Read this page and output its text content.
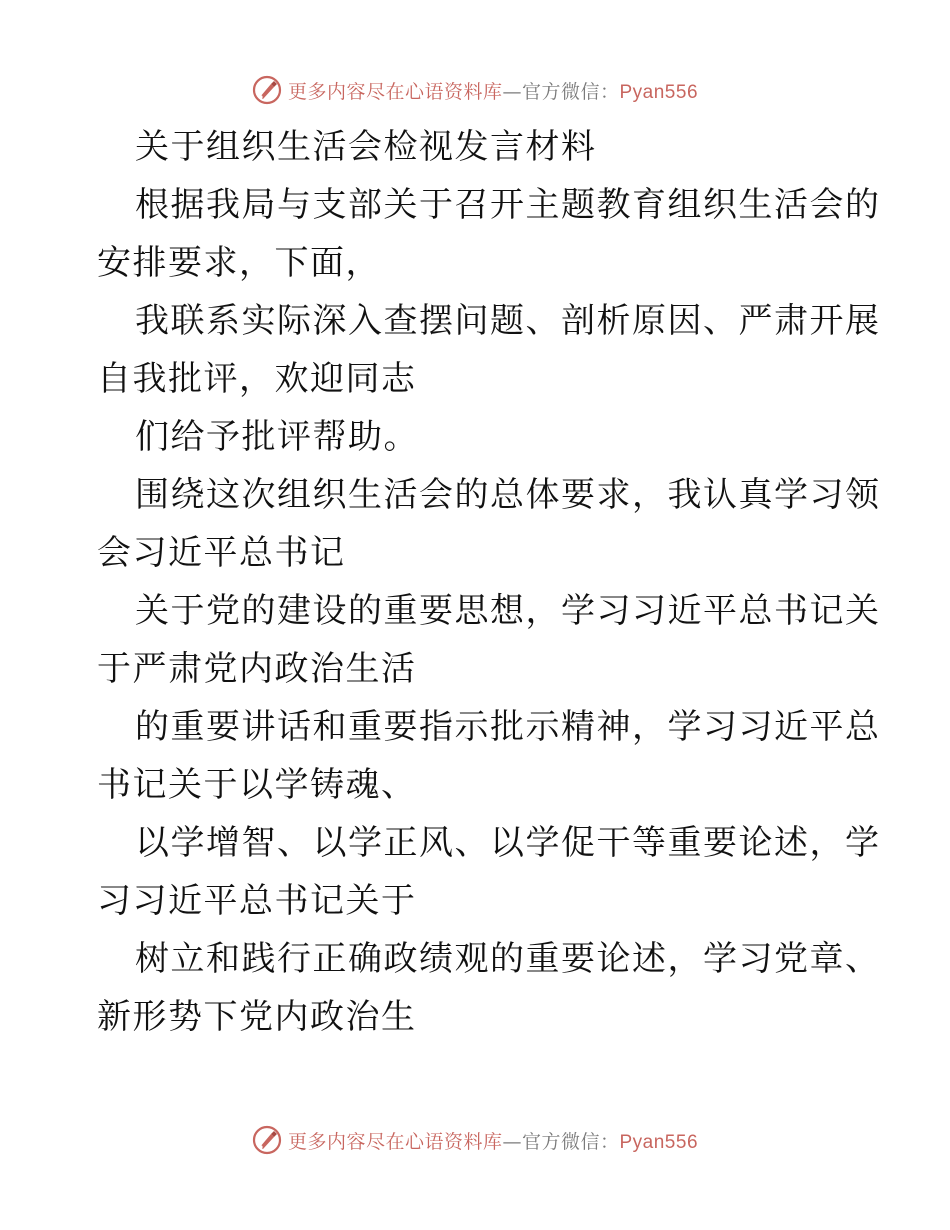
更多内容尽在心语资料库—官方微信：Pyan556
关于组织生活会检视发言材料
根据我局与支部关于召开主题教育组织生活会的
安排要求，下面，
我联系实际深入查摆问题、剖析原因、严肃开展
自我批评，欢迎同志
们给予批评帮助。
围绕这次组织生活会的总体要求，我认真学习领
会习近平总书记
关于党的建设的重要思想，学习习近平总书记关
于严肃党内政治生活
的重要讲话和重要指示批示精神，学习习近平总
书记关于以学铸魂、
以学增智、以学正风、以学促干等重要论述，学
习习近平总书记关于
树立和践行正确政绩观的重要论述，学习党章、
新形势下党内政治生
更多内容尽在心语资料库—官方微信：Pyan556
